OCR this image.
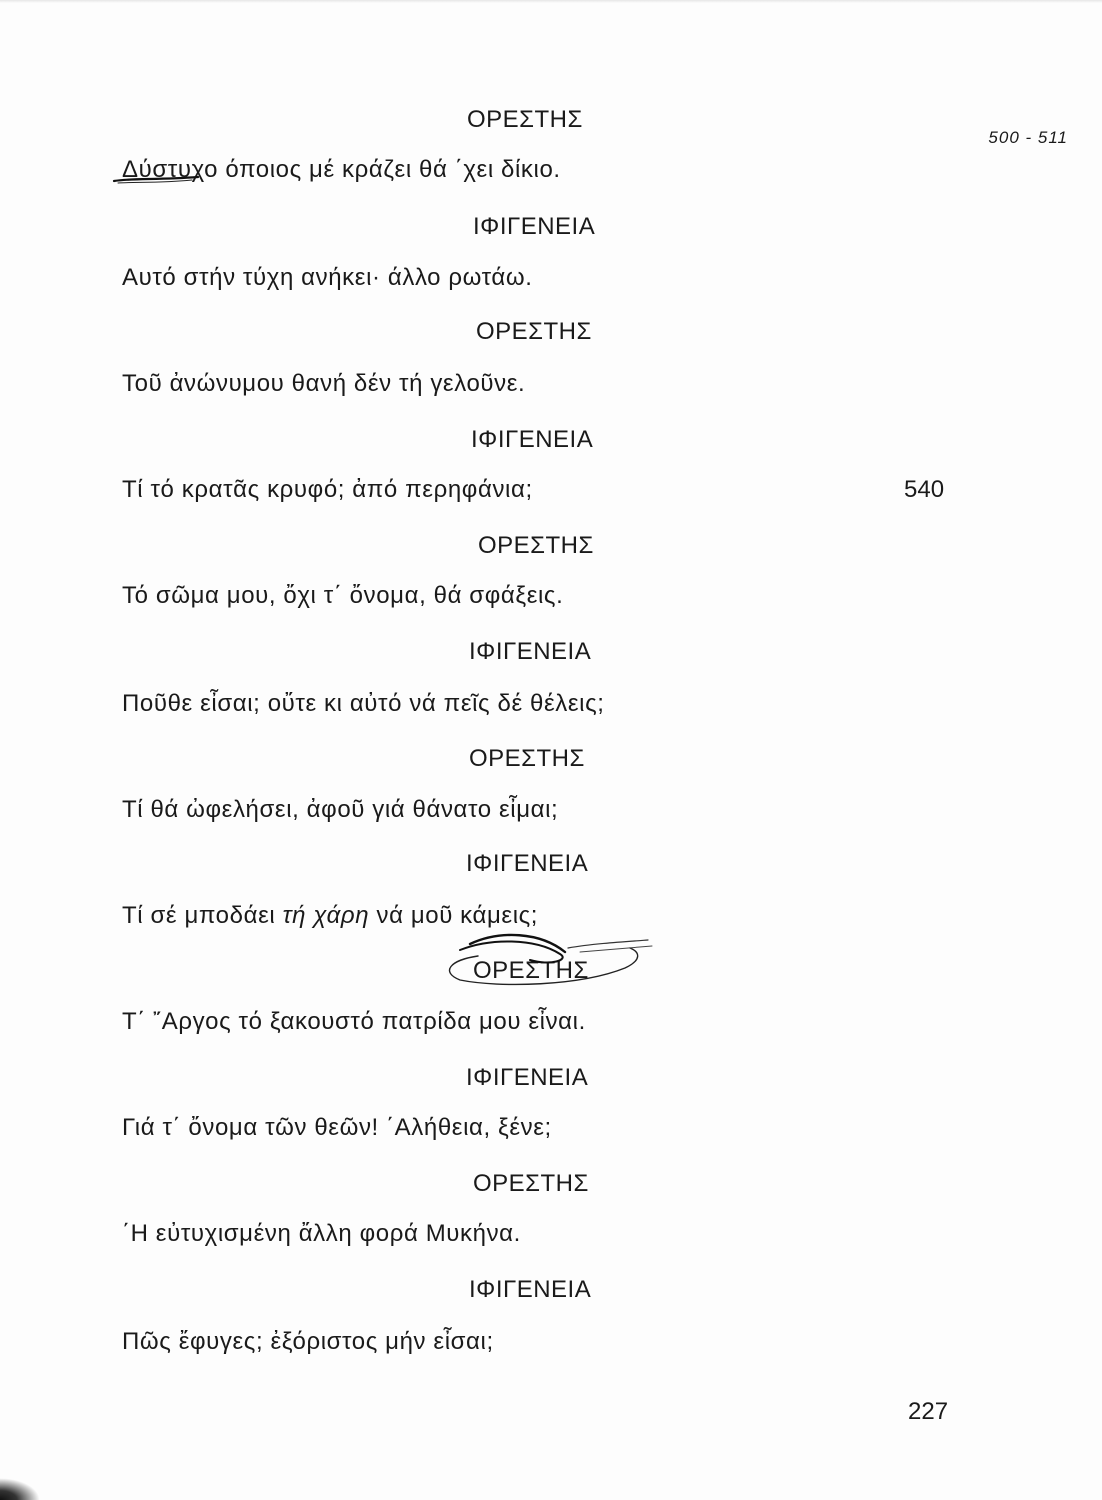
500 - 511
ΟΡΕΣΤΗΣ
Δύστυχο όποιος μέ κράζει θά ΄χει δίκιο.
ΙΦΙΓΕΝΕΙΑ
Αυτό στήν τύχη ανήκει· άλλο ρωτάω.
ΟΡΕΣΤΗΣ
Τοῦ ἀνώνυμου θανή δέν τή γελοῦνε.
ΙΦΙΓΕΝΕΙΑ
Τί τό κρατᾶς κρυφό; ἀπό περηφάνια;	540
ΟΡΕΣΤΗΣ
Τό σῶμα μου, ὄχι τ΄ ὄνομα, θά σφάξεις.
ΙΦΙΓΕΝΕΙΑ
Ποῦθε εἶσαι; οὔτε κι αὐτό νά πεῖς δέ θέλεις;
ΟΡΕΣΤΗΣ
Τί θά ὠφελήσει, ἀφοῦ γιά θάνατο εἶμαι;
ΙΦΙΓΕΝΕΙΑ
Τί σέ μποδάει τή χάρη νά μοῦ κάμεις;
ΟΡΕΣΤΗΣ
Τ΄ ῎Αργος τό ξακουστό πατρίδα μου εἶναι.
ΙΦΙΓΕΝΕΙΑ
Γιά τ΄ ὄνομα τῶν θεῶν! ΄Αλήθεια, ξένε;
ΟΡΕΣΤΗΣ
΄Η εὐτυχισμένη ἄλλη φορά Μυκήνα.
ΙΦΙΓΕΝΕΙΑ
Πῶς ἔφυγες; ἐξόριστος μήν εἶσαι;
227
